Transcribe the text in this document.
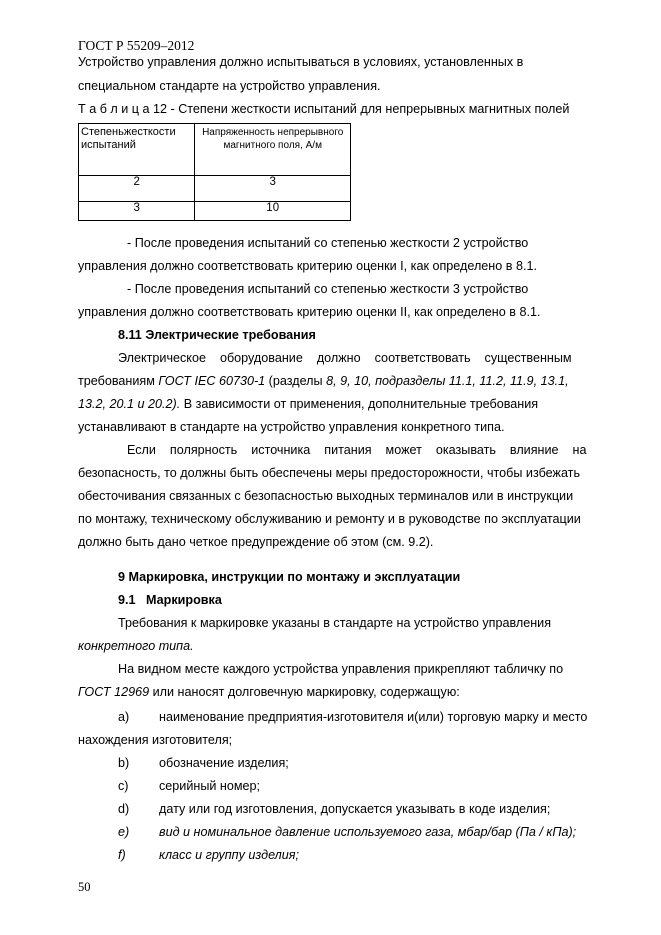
ГОСТ Р 55209–2012
Устройство управления должно испытываться в условиях, установленных в
специальном стандарте на устройство управления.
Т а б л и ц а 12 - Степени жесткости испытаний для непрерывных магнитных полей
Степеньжесткости испытаний	Напряженность непрерывного магнитного поля, А/м
2	3
3	10
- После проведения испытаний со степенью жесткости 2 устройство
управления должно соответствовать критерию оценки I, как определено в 8.1.
- После проведения испытаний со степенью жесткости 3 устройство
управления должно соответствовать критерию оценки II, как определено в 8.1.
8.11 Электрические требования
Электрическое    оборудование    должно    соответствовать    существенным
требованиям ГОСТ IEC 60730-1 (разделы 8, 9, 10, подразделы 11.1, 11.2, 11.9, 13.1,
13.2, 20.1 и 20.2). В зависимости от применения, дополнительные требования
устанавливают в стандарте на устройство управления конкретного типа.
Если    полярность    источника    питания    может    оказывать    влияние    на
безопасность, то должны быть обеспечены меры предосторожности, чтобы избежать
обесточивания связанных с безопасностью выходных терминалов или в инструкции
по монтажу, техническому обслуживанию и ремонту и в руководстве по эксплуатации
должно быть дано четкое предупреждение об этом (см. 9.2).
9 Маркировка, инструкции по монтажу и эксплуатации
9.1   Маркировка
Требования к маркировке указаны в стандарте на устройство управления
конкретного типа.
На видном месте каждого устройства управления прикрепляют табличку по
ГОСТ 12969 или наносят долговечную маркировку, содержащую:
a) наименование предприятия-изготовителя и(или) торговую марку и место
нахождения изготовителя;
b) обозначение изделия;
c) серийный номер;
d) дату или год изготовления, допускается указывать в коде изделия;
e) вид и номинальное давление используемого газа, мбар/бар (Па / кПа);
f)	класс и группу изделия;
50
